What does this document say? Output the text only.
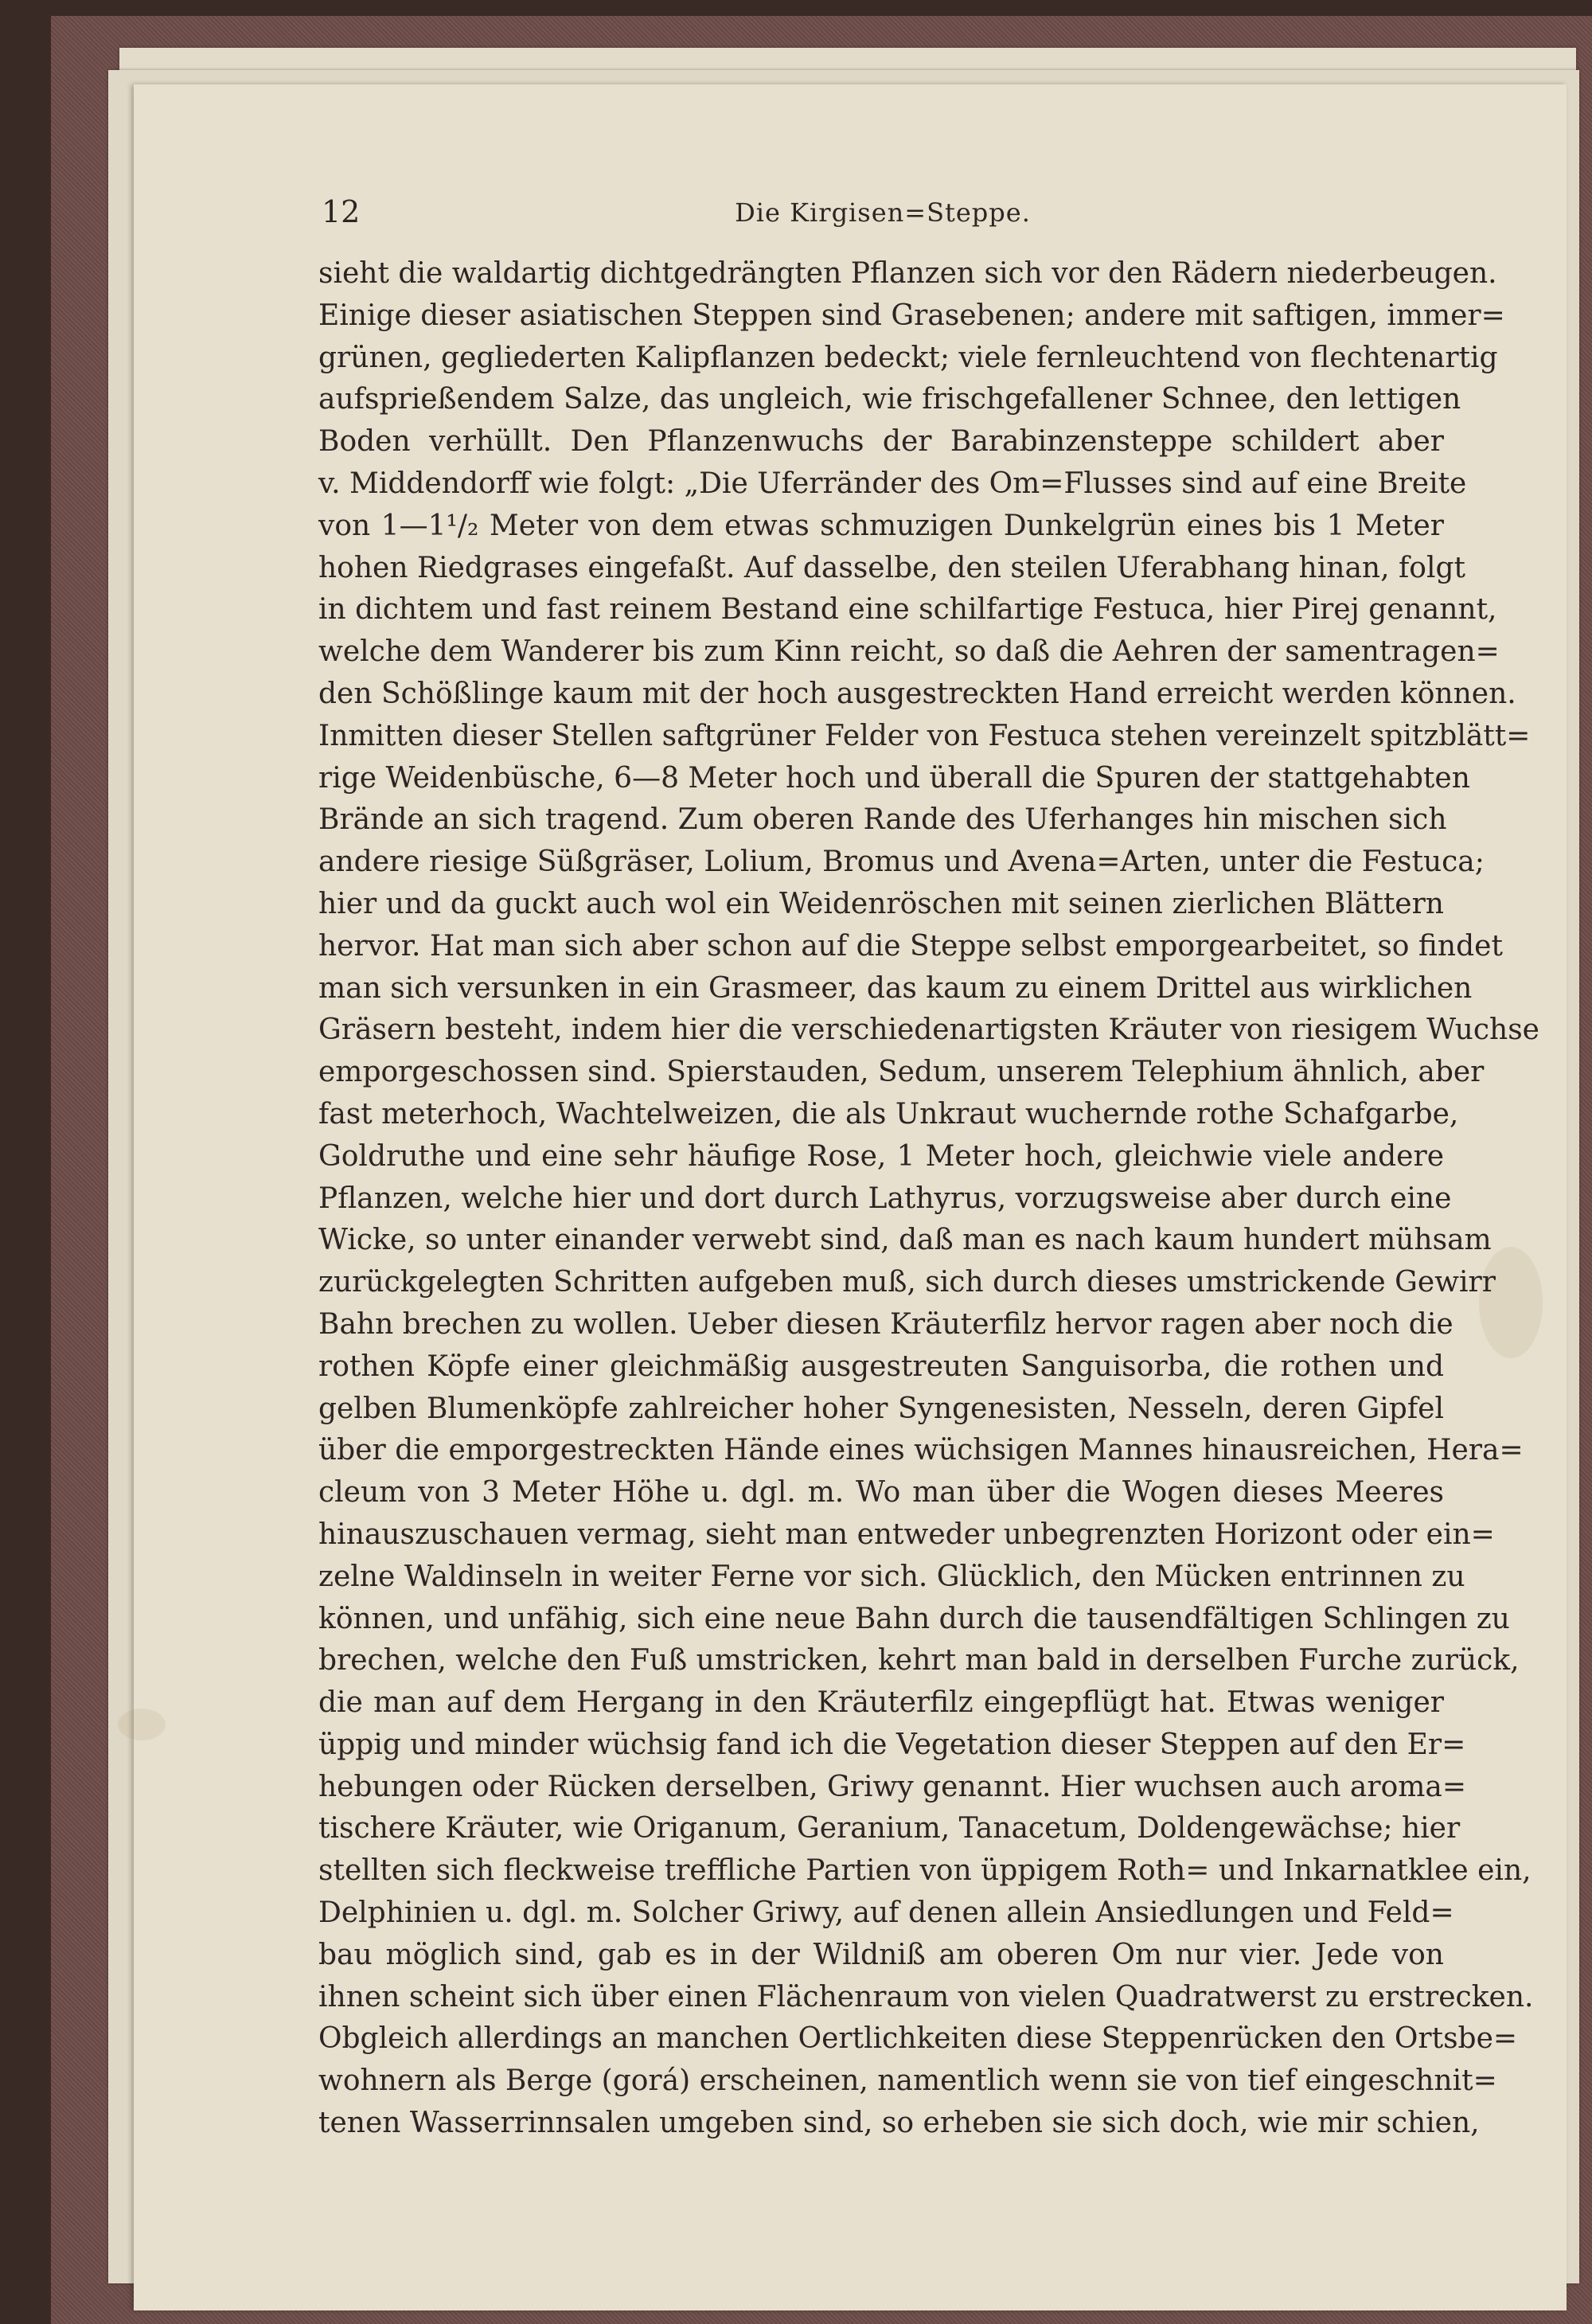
12	Die Kirgisen=Steppe.
sieht die waldartig dichtgedrängten Pflanzen sich vor den Rädern niederbeugen.
Einige dieser asiatischen Steppen sind Grasebenen; andere mit saftigen, immer=
grünen, gegliederten Kalipflanzen bedeckt; viele fernleuchtend von flechtenartig
aufsprießendem Salze, das ungleich, wie frischgefallener Schnee, den lettigen
Boden verhüllt. Den Pflanzenwuchs der Barabinzensteppe schildert aber
v. Middendorff wie folgt: „Die Uferränder des Om=Flusses sind auf eine Breite
von 1—1¹/₂ Meter von dem etwas schmuzigen Dunkelgrün eines bis 1 Meter
hohen Riedgrases eingefaßt. Auf dasselbe, den steilen Uferabhang hinan, folgt
in dichtem und fast reinem Bestand eine schilfartige Festuca, hier Pirej genannt,
welche dem Wanderer bis zum Kinn reicht, so daß die Aehren der samentragen=
den Schößlinge kaum mit der hoch ausgestreckten Hand erreicht werden können.
Inmitten dieser Stellen saftgrüner Felder von Festuca stehen vereinzelt spitzblätt=
rige Weidenbüsche, 6—8 Meter hoch und überall die Spuren der stattgehabten
Brände an sich tragend. Zum oberen Rande des Uferhanges hin mischen sich
andere riesige Süßgräser, Lolium, Bromus und Avena=Arten, unter die Festuca;
hier und da guckt auch wol ein Weidenröschen mit seinen zierlichen Blättern
hervor. Hat man sich aber schon auf die Steppe selbst emporgearbeitet, so findet
man sich versunken in ein Grasmeer, das kaum zu einem Drittel aus wirklichen
Gräsern besteht, indem hier die verschiedenartigsten Kräuter von riesigem Wuchse
emporgeschossen sind. Spierstauden, Sedum, unserem Telephium ähnlich, aber
fast meterhoch, Wachtelweizen, die als Unkraut wuchernde rothe Schafgarbe,
Goldruthe und eine sehr häufige Rose, 1 Meter hoch, gleichwie viele andere
Pflanzen, welche hier und dort durch Lathyrus, vorzugsweise aber durch eine
Wicke, so unter einander verwebt sind, daß man es nach kaum hundert mühsam
zurückgelegten Schritten aufgeben muß, sich durch dieses umstrickende Gewirr
Bahn brechen zu wollen. Ueber diesen Kräuterfilz hervor ragen aber noch die
rothen Köpfe einer gleichmäßig ausgestreuten Sanguisorba, die rothen und
gelben Blumenköpfe zahlreicher hoher Syngenesisten, Nesseln, deren Gipfel
über die emporgestreckten Hände eines wüchsigen Mannes hinausreichen, Hera=
cleum von 3 Meter Höhe u. dgl. m. Wo man über die Wogen dieses Meeres
hinauszuschauen vermag, sieht man entweder unbegrenzten Horizont oder ein=
zelne Waldinseln in weiter Ferne vor sich. Glücklich, den Mücken entrinnen zu
können, und unfähig, sich eine neue Bahn durch die tausendfältigen Schlingen zu
brechen, welche den Fuß umstricken, kehrt man bald in derselben Furche zurück,
die man auf dem Hergang in den Kräuterfilz eingepflügt hat. Etwas weniger
üppig und minder wüchsig fand ich die Vegetation dieser Steppen auf den Er=
hebungen oder Rücken derselben, Griwy genannt. Hier wuchsen auch aroma=
tischere Kräuter, wie Origanum, Geranium, Tanacetum, Doldengewächse; hier
stellten sich fleckweise treffliche Partien von üppigem Roth= und Inkarnatklee ein,
Delphinien u. dgl. m. Solcher Griwy, auf denen allein Ansiedlungen und Feld=
bau möglich sind, gab es in der Wildniß am oberen Om nur vier. Jede von
ihnen scheint sich über einen Flächenraum von vielen Quadratwerst zu erstrecken.
Obgleich allerdings an manchen Oertlichkeiten diese Steppenrücken den Ortsbe=
wohnern als Berge (gorá) erscheinen, namentlich wenn sie von tief eingeschnit=
tenen Wasserrinnsalen umgeben sind, so erheben sie sich doch, wie mir schien,
